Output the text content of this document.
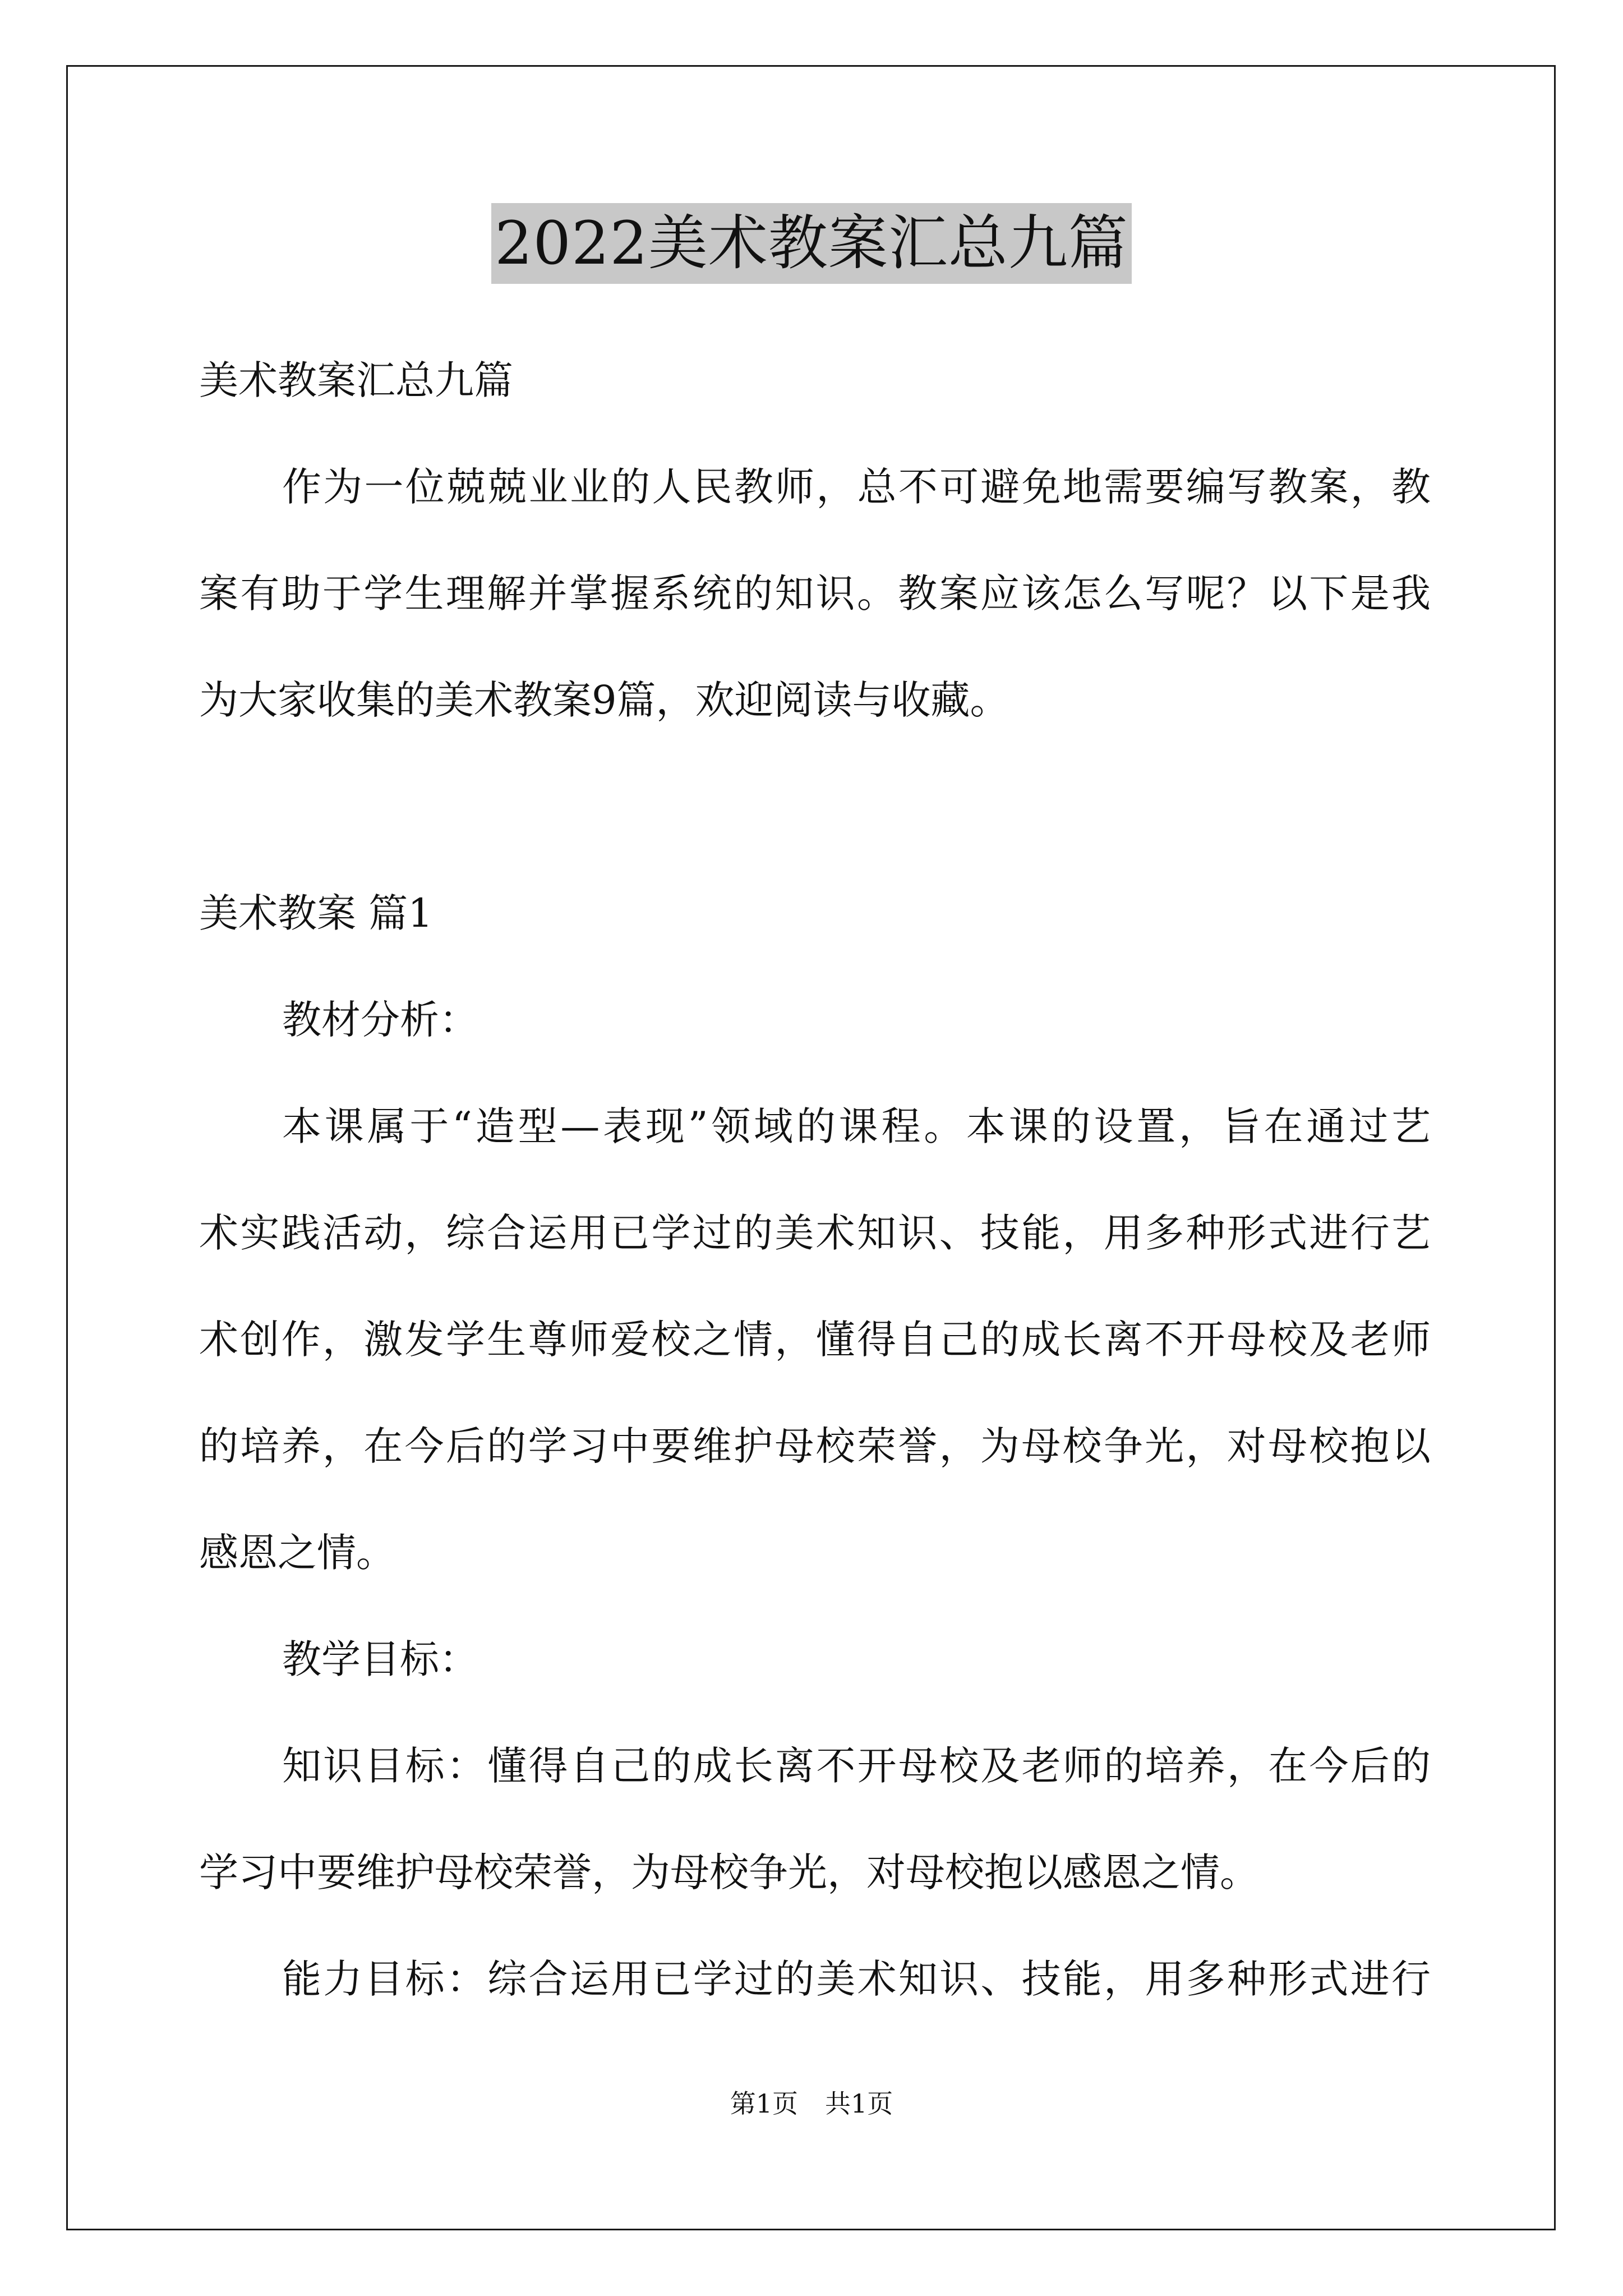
2022美术教案汇总九篇
美术教案汇总九篇
作为一位兢兢业业的人民教师，总不可避免地需要编写教案，教
案有助于学生理解并掌握系统的知识。教案应该怎么写呢？以下是我
为大家收集的美术教案9篇，欢迎阅读与收藏。
美术教案 篇1
教材分析：
本课属于“造型—表现”领域的课程。本课的设置，旨在通过艺
术实践活动，综合运用已学过的美术知识、技能，用多种形式进行艺
术创作，激发学生尊师爱校之情，懂得自己的成长离不开母校及老师
的培养，在今后的学习中要维护母校荣誉，为母校争光，对母校抱以
感恩之情。
教学目标：
知识目标：懂得自己的成长离不开母校及老师的培养，在今后的
学习中要维护母校荣誉，为母校争光，对母校抱以感恩之情。
能力目标：综合运用已学过的美术知识、技能，用多种形式进行
第1页 共1页
